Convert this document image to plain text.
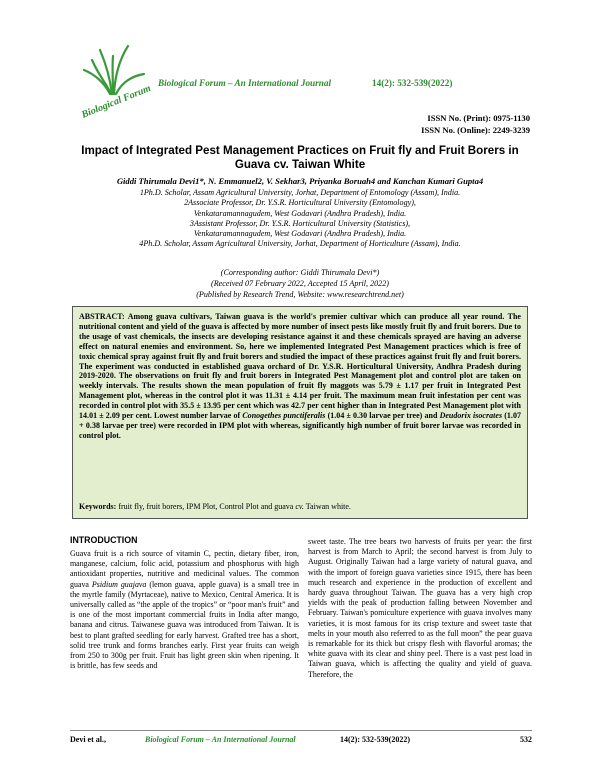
Biological Forum Biological Forum – An International Journal	14(2): 532-539(2022)
ISSN No. (Print): 0975-1130
ISSN No. (Online): 2249-3239
Impact of Integrated Pest Management Practices on Fruit fly and Fruit Borers in Guava cv. Taiwan White
Giddi Thirumala Devi1*, N. Emmanuel2, V. Sekhar3, Priyanka Boruah4 and Kanchan Kumari Gupta4
1Ph.D. Scholar, Assam Agricultural University, Jorhat, Department of Entomology (Assam), India.
2Associate Professor, Dr. Y.S.R. Horticultural University (Entomology),
Venkataramannagudem, West Godavari (Andhra Pradesh), India.
3Assistant Professor, Dr. Y.S.R. Horticultural University (Statistics),
Venkataramannagudem, West Godavari (Andhra Pradesh), India.
4Ph.D. Scholar, Assam Agricultural University, Jorhat, Department of Horticulture (Assam), India.
(Corresponding author: Giddi Thirumala Devi*)
(Received 07 February 2022, Accepted 15 April, 2022)
(Published by Research Trend, Website: www.researchtrend.net)

ABSTRACT: Among guava cultivars, Taiwan guava is the world's premier cultivar which can produce all year round. The nutritional content and yield of the guava is affected by more number of insect pests like mostly fruit fly and fruit borers. Due to the usage of vast chemicals, the insects are developing resistance against it and these chemicals sprayed are having an adverse effect on natural enemies and environment. So, here we implemented Integrated Pest Management practices which is free of toxic chemical spray against fruit fly and fruit borers and studied the impact of these practices against fruit fly and fruit borers. The experiment was conducted in established guava orchard of Dr. Y.S.R. Horticultural University, Andhra Pradesh during 2019-2020. The observations on fruit fly and fruit borers in Integrated Pest Management plot and control plot are taken on weekly intervals. The results shown the mean population of fruit fly maggots was 5.79 ± 1.17 per fruit in Integrated Pest Management plot, whereas in the control plot it was 11.31 ± 4.14 per fruit. The maximum mean fruit infestation per cent was recorded in control plot with 35.5 ± 13.95 per cent which was 42.7 per cent higher than in Integrated Pest Management plot with 14.01 ± 2.09 per cent. Lowest number larvae of Conogethes punctiferalis (1.04 ± 0.30 larvae per tree) and Deudorix isocrates (1.07 + 0.38 larvae per tree) were recorded in IPM plot with whereas, significantly high number of fruit borer larvae was recorded in control plot.

Keywords: fruit fly, fruit borers, IPM Plot, Control Plot and guava cv. Taiwan white.
INTRODUCTION
Guava fruit is a rich source of vitamin C, pectin, dietary fiber, iron, manganese, calcium, folic acid, potassium and phosphorus with high antioxidant properties, nutritive and medicinal values. The common guava Psidium guajava (lemon guava, apple guava) is a small tree in the myrtle family (Myrtaceae), native to Mexico, Central America. It is universally called as “the apple of the tropics” or “poor man's fruit” and is one of the most important commercial fruits in India after mango, banana and citrus. Taiwanese guava was introduced from Taiwan. It is best to plant grafted seedling for early harvest. Grafted tree has a short, solid tree trunk and forms branches early. First year fruits can weigh from 250 to 300g per fruit. Fruit has light green skin when ripening. It is brittle, has few seeds and
sweet taste. The tree bears two harvests of fruits per year: the first harvest is from March to April; the second harvest is from July to August. Originally Taiwan had a large variety of natural guava, and with the import of foreign guava varieties since 1915, there has been much research and experience in the production of excellent and hardy guava throughout Taiwan. The guava has a very high crop yields with the peak of production falling between November and February. Taiwan's pomiculture experience with guava involves many varieties, it is most famous for its crisp texture and sweet taste that melts in your mouth also referred to as the full moon” the pear guava is remarkable for its thick but crispy flesh with flavorful aromas; the white guava with its clear and shiny peel. There is a vast pest load in Taiwan guava, which is affecting the quality and yield of guava. Therefore, the
Devi et al.,	Biological Forum – An International Journal	14(2): 532-539(2022)	532
